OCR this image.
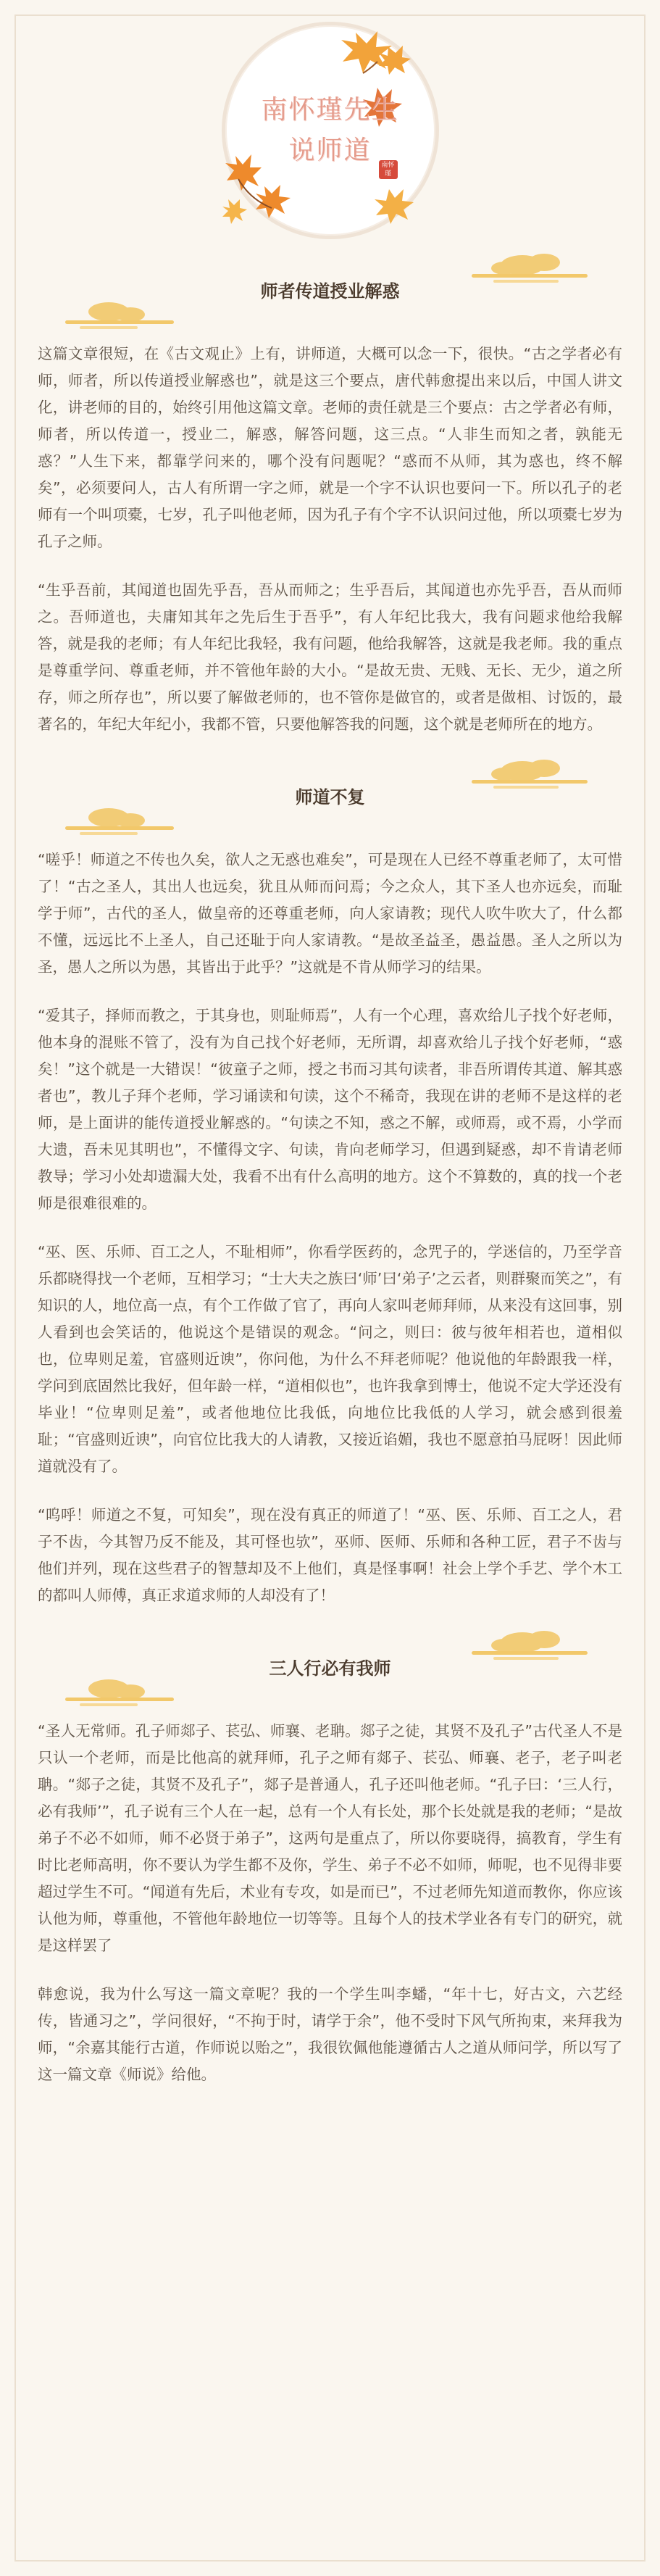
南怀瑾先生
说师道	南怀瑾
师者传道授业解惑

这篇文章很短，在《古文观止》上有，讲师道，大概可以念一下，很快。“古之学者必有师，师者，所以传道授业解惑也”，就是这三个要点，唐代韩愈提出来以后，中国人讲文化，讲老师的目的，始终引用他这篇文章。老师的责任就是三个要点：古之学者必有师，师者，所以传道一，授业二，解惑，解答问题，这三点。“人非生而知之者，孰能无惑？”人生下来，都靠学问来的，哪个没有问题呢？“惑而不从师，其为惑也，终不解矣”，必须要问人，古人有所谓一字之师，就是一个字不认识也要问一下。所以孔子的老师有一个叫项橐，七岁，孔子叫他老师，因为孔子有个字不认识问过他，所以项橐七岁为孔子之师。

“生乎吾前，其闻道也固先乎吾，吾从而师之；生乎吾后，其闻道也亦先乎吾，吾从而师之。吾师道也，夫庸知其年之先后生于吾乎”，有人年纪比我大，我有问题求他给我解答，就是我的老师；有人年纪比我轻，我有问题，他给我解答，这就是我老师。我的重点是尊重学问、尊重老师，并不管他年龄的大小。“是故无贵、无贱、无长、无少，道之所存，师之所存也”，所以要了解做老师的，也不管你是做官的，或者是做相、讨饭的，最著名的，年纪大年纪小，我都不管，只要他解答我的问题，这个就是老师所在的地方。

师道不复

“嗟乎！师道之不传也久矣，欲人之无惑也难矣”，可是现在人已经不尊重老师了，太可惜了！“古之圣人，其出人也远矣，犹且从师而问焉；今之众人，其下圣人也亦远矣，而耻学于师”，古代的圣人，做皇帝的还尊重老师，向人家请教；现代人吹牛吹大了，什么都不懂，远远比不上圣人，自己还耻于向人家请教。“是故圣益圣，愚益愚。圣人之所以为圣，愚人之所以为愚，其皆出于此乎？”这就是不肯从师学习的结果。

“爱其子，择师而教之，于其身也，则耻师焉”，人有一个心理，喜欢给儿子找个好老师，他本身的混账不管了，没有为自己找个好老师，无所谓，却喜欢给儿子找个好老师，“惑矣！”这个就是一大错误！“彼童子之师，授之书而习其句读者，非吾所谓传其道、解其惑者也”，教儿子拜个老师，学习诵读和句读，这个不稀奇，我现在讲的老师不是这样的老师，是上面讲的能传道授业解惑的。“句读之不知，惑之不解，或师焉，或不焉，小学而大遗，吾未见其明也”，不懂得文字、句读，肯向老师学习，但遇到疑惑，却不肯请老师教导；学习小处却遗漏大处，我看不出有什么高明的地方。这个不算数的，真的找一个老师是很难很难的。

“巫、医、乐师、百工之人，不耻相师”，你看学医药的，念咒子的，学迷信的，乃至学音乐都晓得找一个老师，互相学习；“士大夫之族曰‘师’曰‘弟子’之云者，则群聚而笑之”，有知识的人，地位高一点，有个工作做了官了，再向人家叫老师拜师，从来没有这回事，别人看到也会笑话的，他说这个是错误的观念。“问之，则曰：彼与彼年相若也，道相似也，位卑则足羞，官盛则近谀”，你问他，为什么不拜老师呢？他说他的年龄跟我一样，学问到底固然比我好，但年龄一样，“道相似也”，也许我拿到博士，他说不定大学还没有毕业！“位卑则足羞”，或者他地位比我低，向地位比我低的人学习，就会感到很羞耻；“官盛则近谀”，向官位比我大的人请教，又接近谄媚，我也不愿意拍马屁呀！因此师道就没有了。

“呜呼！师道之不复，可知矣”，现在没有真正的师道了！“巫、医、乐师、百工之人，君子不齿，今其智乃反不能及，其可怪也欤”，巫师、医师、乐师和各种工匠，君子不齿与他们并列，现在这些君子的智慧却及不上他们，真是怪事啊！社会上学个手艺、学个木工的都叫人师傅，真正求道求师的人却没有了！

三人行必有我师

“圣人无常师。孔子师郯子、苌弘、师襄、老聃。郯子之徒，其贤不及孔子”古代圣人不是只认一个老师，而是比他高的就拜师，孔子之师有郯子、苌弘、师襄、老子，老子叫老聃。“郯子之徒，其贤不及孔子”，郯子是普通人，孔子还叫他老师。“孔子曰：‘三人行，必有我师’”，孔子说有三个人在一起，总有一个人有长处，那个长处就是我的老师；“是故弟子不必不如师，师不必贤于弟子”，这两句是重点了，所以你要晓得，搞教育，学生有时比老师高明，你不要认为学生都不及你，学生、弟子不必不如师，师呢，也不见得非要超过学生不可。“闻道有先后，术业有专攻，如是而已”，不过老师先知道而教你，你应该认他为师，尊重他，不管他年龄地位一切等等。且每个人的技术学业各有专门的研究，就是这样罢了

韩愈说，我为什么写这一篇文章呢？我的一个学生叫李蟠，“年十七，好古文，六艺经传，皆通习之”，学问很好，“不拘于时，请学于余”，他不受时下风气所拘束，来拜我为师，“余嘉其能行古道，作师说以贻之”，我很钦佩他能遵循古人之道从师问学，所以写了这一篇文章《师说》给他。
